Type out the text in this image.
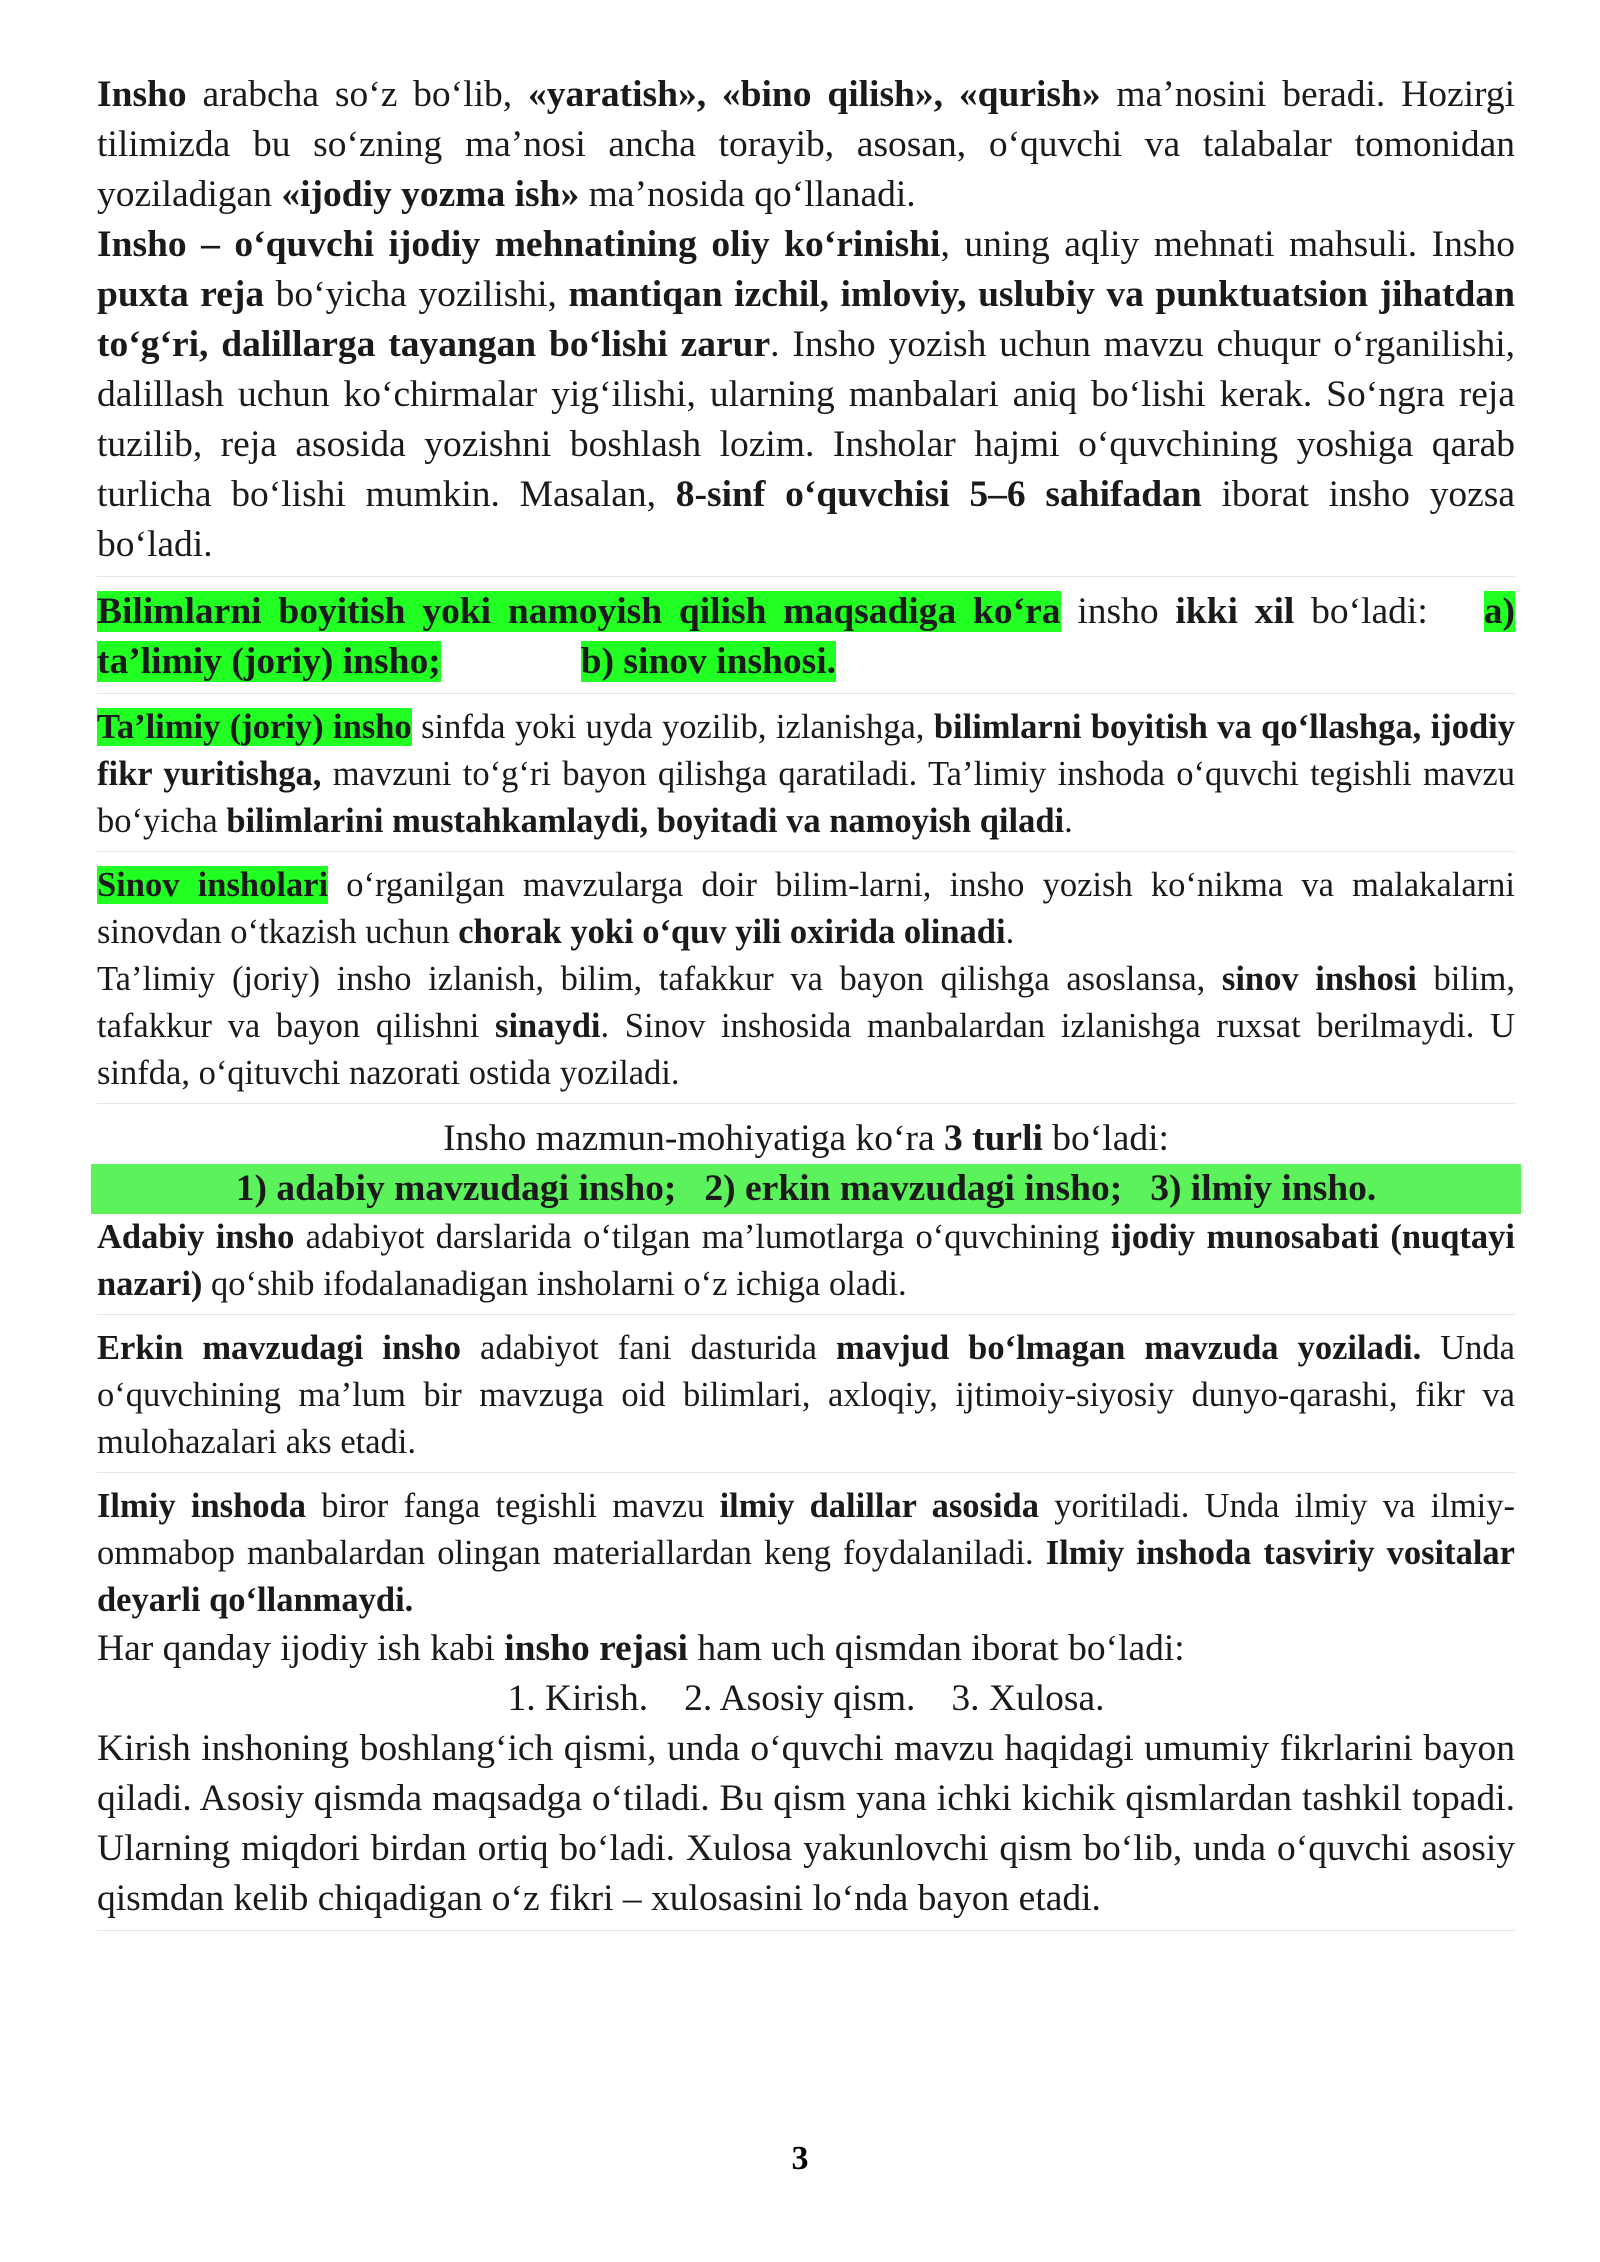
Insho arabcha so‘z bo‘lib, «yaratish», «bino qilish», «qurish» ma’nosini beradi. Hozirgi tilimizda bu so‘zning ma’nosi ancha torayib, asosan, o‘quvchi va talabalar tomonidan yoziladigan «ijodiy yozma ish» ma’nosida qo‘llanadi.

Insho – o‘quvchi ijodiy mehnatining oliy ko‘rinishi, uning aqliy mehnati mahsuli. Insho puxta reja bo‘yicha yozilishi, mantiqan izchil, imloviy, uslubiy va punktuatsion jihatdan to‘g‘ri, dalillarga tayangan bo‘lishi zarur. Insho yozish uchun mavzu chuqur o‘rganilishi, dalillash uchun ko‘chirmalar yig‘ilishi, ularning manbalari aniq bo‘lishi kerak. So‘ngra reja tuzilib, reja asosida yozishni boshlash lozim. Insholar hajmi o‘quvchining yoshiga qarab turlicha bo‘lishi mumkin. Masalan, 8-sinf o‘quvchisi 5–6 sahifadan iborat insho yozsa bo‘ladi.

Bilimlarni boyitish yoki namoyish qilish maqsadiga ko‘ra insho ikki xil bo‘ladi: a) ta’limiy (joriy) insho;	b) sinov inshosi.

Ta’limiy (joriy) insho sinfda yoki uyda yozilib, izlanishga, bilimlarni boyitish va qo‘llashga, ijodiy fikr yuritishga, mavzuni to‘g‘ri bayon qilishga qaratiladi. Ta’limiy inshoda o‘quvchi tegishli mavzu bo‘yicha bilimlarini mustahkamlaydi, boyitadi va namoyish qiladi.

Sinov insholari o‘rganilgan mavzularga doir bilim-larni, insho yozish ko‘nikma va malakalarni sinovdan o‘tkazish uchun chorak yoki o‘quv yili oxirida olinadi.

Ta’limiy (joriy) insho izlanish, bilim, tafakkur va bayon qilishga asoslansa, sinov inshosi bilim, tafakkur va bayon qilishni sinaydi. Sinov inshosida manbalardan izlanishga ruxsat berilmaydi. U sinfda, o‘qituvchi nazorati ostida yoziladi.

Insho mazmun-mohiyatiga ko‘ra 3 turli bo‘ladi:

1) adabiy mavzudagi insho; 2) erkin mavzudagi insho; 3) ilmiy insho.

Adabiy insho adabiyot darslarida o‘tilgan ma’lumotlarga o‘quvchining ijodiy munosabati (nuqtayi nazari) qo‘shib ifodalanadigan insholarni o‘z ichiga oladi.

Erkin mavzudagi insho adabiyot fani dasturida mavjud bo‘lmagan mavzuda yoziladi. Unda o‘quvchining ma’lum bir mavzuga oid bilimlari, axloqiy, ijtimoiy-siyosiy dunyo-qarashi, fikr va mulohazalari aks etadi.

Ilmiy inshoda biror fanga tegishli mavzu ilmiy dalillar asosida yoritiladi. Unda ilmiy va ilmiy-ommabop manbalardan olingan materiallardan keng foydalaniladi. Ilmiy inshoda tasviriy vositalar deyarli qo‘llanmaydi.

Har qanday ijodiy ish kabi insho rejasi ham uch qismdan iborat bo‘ladi:

1. Kirish. 2. Asosiy qism. 3. Xulosa.

Kirish inshoning boshlang‘ich qismi, unda o‘quvchi mavzu haqidagi umumiy fikrlarini bayon qiladi. Asosiy qismda maqsadga o‘tiladi. Bu qism yana ichki kichik qismlardan tashkil topadi. Ularning miqdori birdan ortiq bo‘ladi. Xulosa yakunlovchi qism bo‘lib, unda o‘quvchi asosiy qismdan kelib chiqadigan o‘z fikri – xulosasini lo‘nda bayon etadi.

3
